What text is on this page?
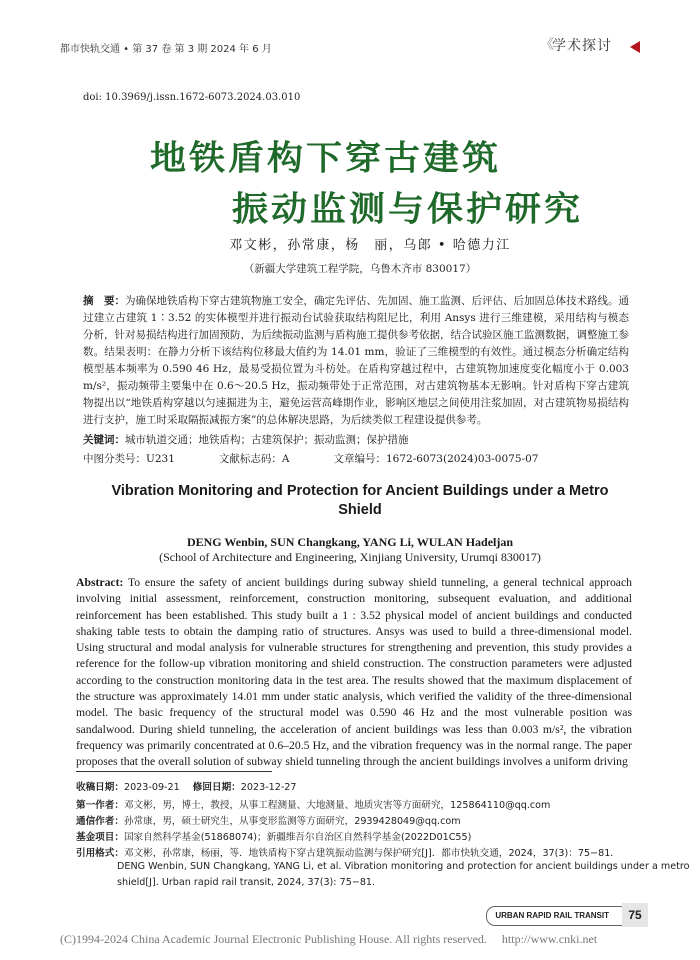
都市快轨交通 • 第 37 卷 第 3 期 2024 年 6 月	《
学术探讨
doi: 10.3969/j.issn.1672-6073.2024.03.010
地铁盾构下穿古建筑
振动监测与保护研究
邓文彬，孙常康，杨　丽，乌郎 • 哈德力江
（新疆大学建筑工程学院，乌鲁木齐市 830017）
摘　要：为确保地铁盾构下穿古建筑物施工安全，确定先评估、先加固、施工监测、后评估、后加固总体技术路线。通过建立古建筑 1∶3.52 的实体模型并进行振动台试验获取结构阻尼比，利用 Ansys 进行三维建模，采用结构与模态分析，针对易损结构进行加固预防，为后续振动监测与盾构施工提供参考依据，结合试验区施工监测数据，调整施工参数。结果表明：在静力分析下该结构位移最大值约为 14.01 mm，验证了三维模型的有效性。通过模态分析确定结构模型基本频率为 0.590 46 Hz，最易受损位置为斗枋处。在盾构穿越过程中，古建筑物加速度变化幅度小于 0.003 m/s²，振动频带主要集中在 0.6～20.5 Hz，振动频带处于正常范围，对古建筑物基本无影响。针对盾构下穿古建筑物提出以“地铁盾构穿越以匀速掘进为主，避免运营高峰期作业，影响区地层之间使用注浆加固，对古建筑物易损结构进行支护，施工时采取隔振减振方案”的总体解决思路，为后续类似工程建设提供参考。
关键词：城市轨道交通；地铁盾构；古建筑保护；振动监测；保护措施
中图分类号：U231	文献标志码：A	文章编号：1672-6073(2024)03-0075-07
Vibration Monitoring and Protection for Ancient Buildings under a Metro Shield
DENG Wenbin, SUN Changkang, YANG Li, WULAN Hadeljan
(School of Architecture and Engineering, Xinjiang University, Urumqi 830017)
Abstract: To ensure the safety of ancient buildings during subway shield tunneling, a general technical approach involving initial assessment, reinforcement, construction monitoring, subsequent evaluation, and additional reinforcement has been established. This study built a 1 : 3.52 physical model of ancient buildings and conducted shaking table tests to obtain the damping ratio of structures. Ansys was used to build a three-dimensional model. Using structural and modal analysis for vulnerable structures for strengthening and prevention, this study provides a reference for the follow-up vibration monitoring and shield construction. The construction parameters were adjusted according to the construction monitoring data in the test area. The results showed that the maximum displacement of the structure was approximately 14.01 mm under static analysis, which verified the validity of the three-dimensional model. The basic frequency of the structural model was 0.590 46 Hz and the most vulnerable position was sandalwood. During shield tunneling, the acceleration of ancient buildings was less than 0.003 m/s², the vibration frequency was primarily concentrated at 0.6–20.5 Hz, and the vibration frequency was in the normal range. The paper proposes that the overall solution of subway shield tunneling through the ancient buildings involves a uniform driving
收稿日期：2023-09-21 修回日期：2023-12-27
第一作者：邓文彬，男，博士，教授，从事工程测量、大地测量、地质灾害等方面研究，125864110@qq.com
通信作者：孙常康，男，硕士研究生，从事变形监测等方面研究，2939428049@qq.com
基金项目：国家自然科学基金(51868074)；新疆维吾尔自治区自然科学基金(2022D01C55)
引用格式：邓文彬，孙常康，杨丽，等．地铁盾构下穿古建筑振动监测与保护研究[J]．都市快轨交通，2024，37(3)：75−81．
DENG Wenbin, SUN Changkang, YANG Li, et al. Vibration monitoring and protection for ancient buildings under a metro
shield[J]. Urban rapid rail transit, 2024, 37(3): 75−81.
URBAN RAPID RAIL TRANSIT	75
(C)1994-2024 China Academic Journal Electronic Publishing House. All rights reserved.　 http://www.cnki.net
